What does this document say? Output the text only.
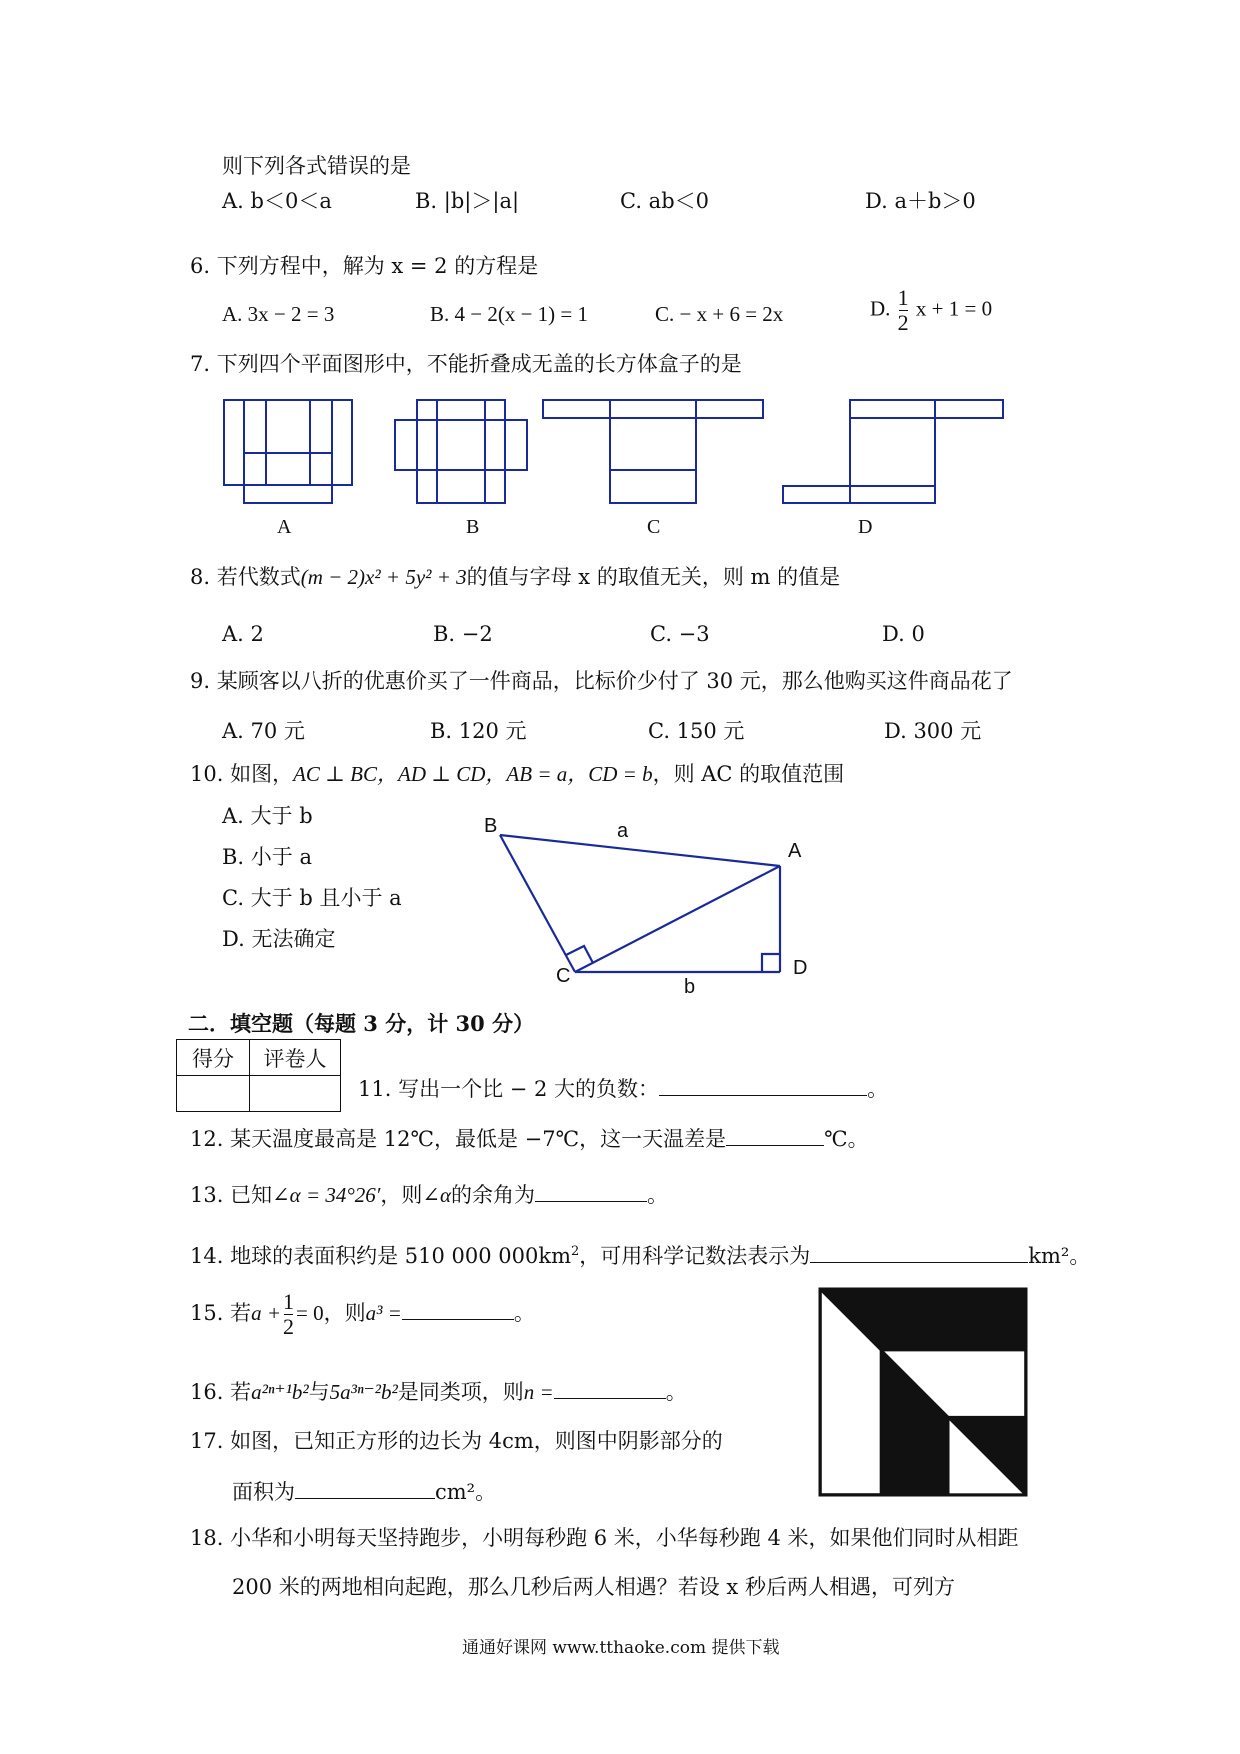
则下列各式错误的是
A. b＜0＜a	B. |b|＞|a|	C. ab＜0	D. a＋b＞0
6. 下列方程中，解为 x = 2 的方程是
A. 3x − 2 = 3	B. 4 − 2(x − 1) = 1	C. − x + 6 = 2x	D. $\frac{1}{2}$ x + 1 = 0
7. 下列四个平面图形中，不能折叠成无盖的长方体盒子的是
A	B	C	D
8. 若代数式(m − 2)x² + 5y² + 3的值与字母 x 的取值无关，则 m 的值是
A. 2	B. −2	C. −3	D. 0
9. 某顾客以八折的优惠价买了一件商品，比标价少付了 30 元，那么他购买这件商品花了
A. 70 元	B. 120 元	C. 150 元	D. 300 元
10. 如图，AC ⊥ BC，AD ⊥ CD，AB = a，CD = b，则 AC 的取值范围
A. 大于 b
B. 小于 a
C. 大于 b 且小于 a
D. 无法确定
B	a
A
C	b
D
二．填空题（每题 3 分，计 30 分）
得分	评卷人

11. 写出一个比 − 2 大的负数：	。
12. 某天温度最高是 12℃，最低是 −7℃，这一天温差是	℃。
13. 已知∠α = 34°26′，则∠α的余角为	。
14. 地球的表面积约是 510 000 $000km^2$，可用科学记数法表示为	km²。
15. 若$a + \frac{1}{2} = 0$，则a³ =	。
16. 若a²ⁿ⁺¹b²与5a³ⁿ⁻²b²是同类项，则n =	。
17. 如图，已知正方形的边长为 4cm，则图中阴影部分的
面积为	cm²。
18. 小华和小明每天坚持跑步，小明每秒跑 6 米，小华每秒跑 4 米，如果他们同时从相距
200 米的两地相向起跑，那么几秒后两人相遇？若设 x 秒后两人相遇，可列方
通通好课网 www.tthaoke.com 提供下载
